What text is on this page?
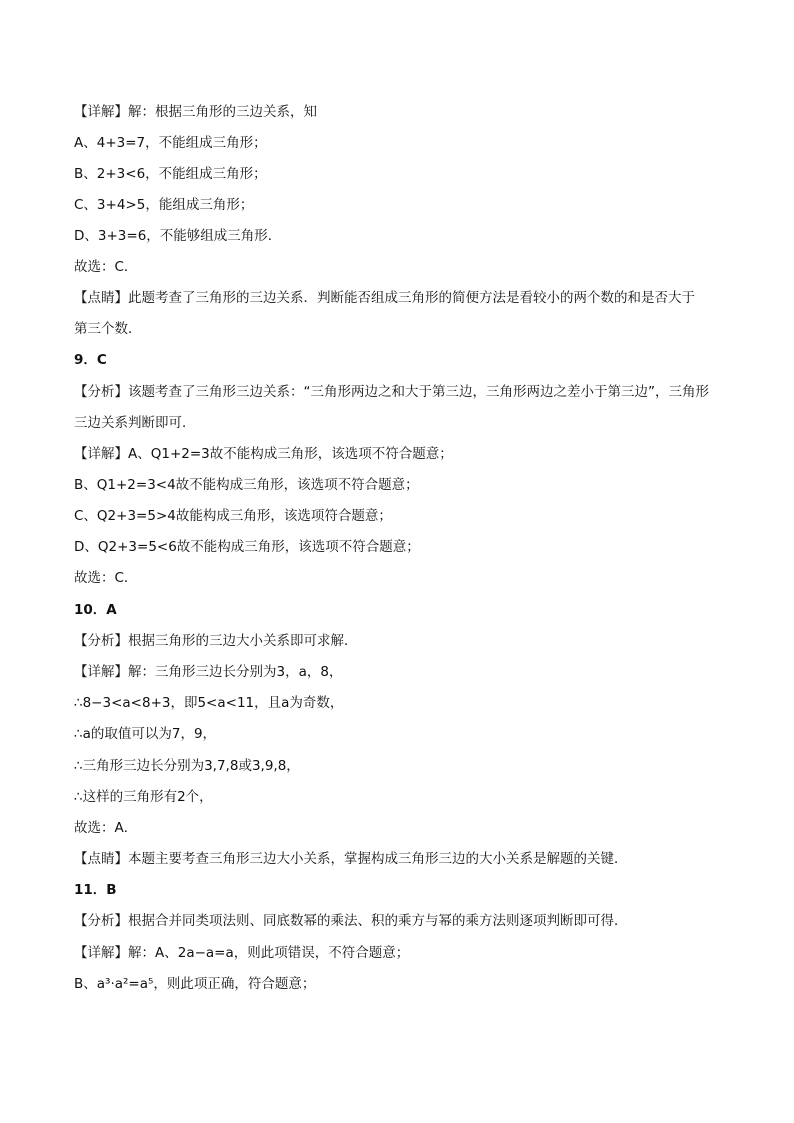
【详解】解：根据三角形的三边关系，知
A、4+3=7，不能组成三角形；
B、2+3<6，不能组成三角形；
C、3+4>5，能组成三角形；
D、3+3=6，不能够组成三角形．
故选：C．
【点睛】此题考查了三角形的三边关系．判断能否组成三角形的简便方法是看较小的两个数的和是否大于
第三个数．
9．C
【分析】该题考查了三角形三边关系：“三角形两边之和大于第三边，三角形两边之差小于第三边”，三角形
三边关系判断即可．
【详解】A、Q1+2=3故不能构成三角形，该选项不符合题意；
B、Q1+2=3<4故不能构成三角形，该选项不符合题意；
C、Q2+3=5>4故能构成三角形，该选项符合题意；
D、Q2+3=5<6故不能构成三角形，该选项不符合题意；
故选：C．
10．A
【分析】根据三角形的三边大小关系即可求解．
【详解】解：三角形三边长分别为3，a，8，
∴8−3<a<8+3，即5<a<11，且a为奇数，
∴a的取值可以为7，9，
∴三角形三边长分别为3,7,8或3,9,8，
∴这样的三角形有2个，
故选：A．
【点睛】本题主要考查三角形三边大小关系，掌握构成三角形三边的大小关系是解题的关键．
11．B
【分析】根据合并同类项法则、同底数幂的乘法、积的乘方与幂的乘方法则逐项判断即可得．
【详解】解：A、2a−a=a，则此项错误，不符合题意；
B、a³·a²=a⁵，则此项正确，符合题意；
